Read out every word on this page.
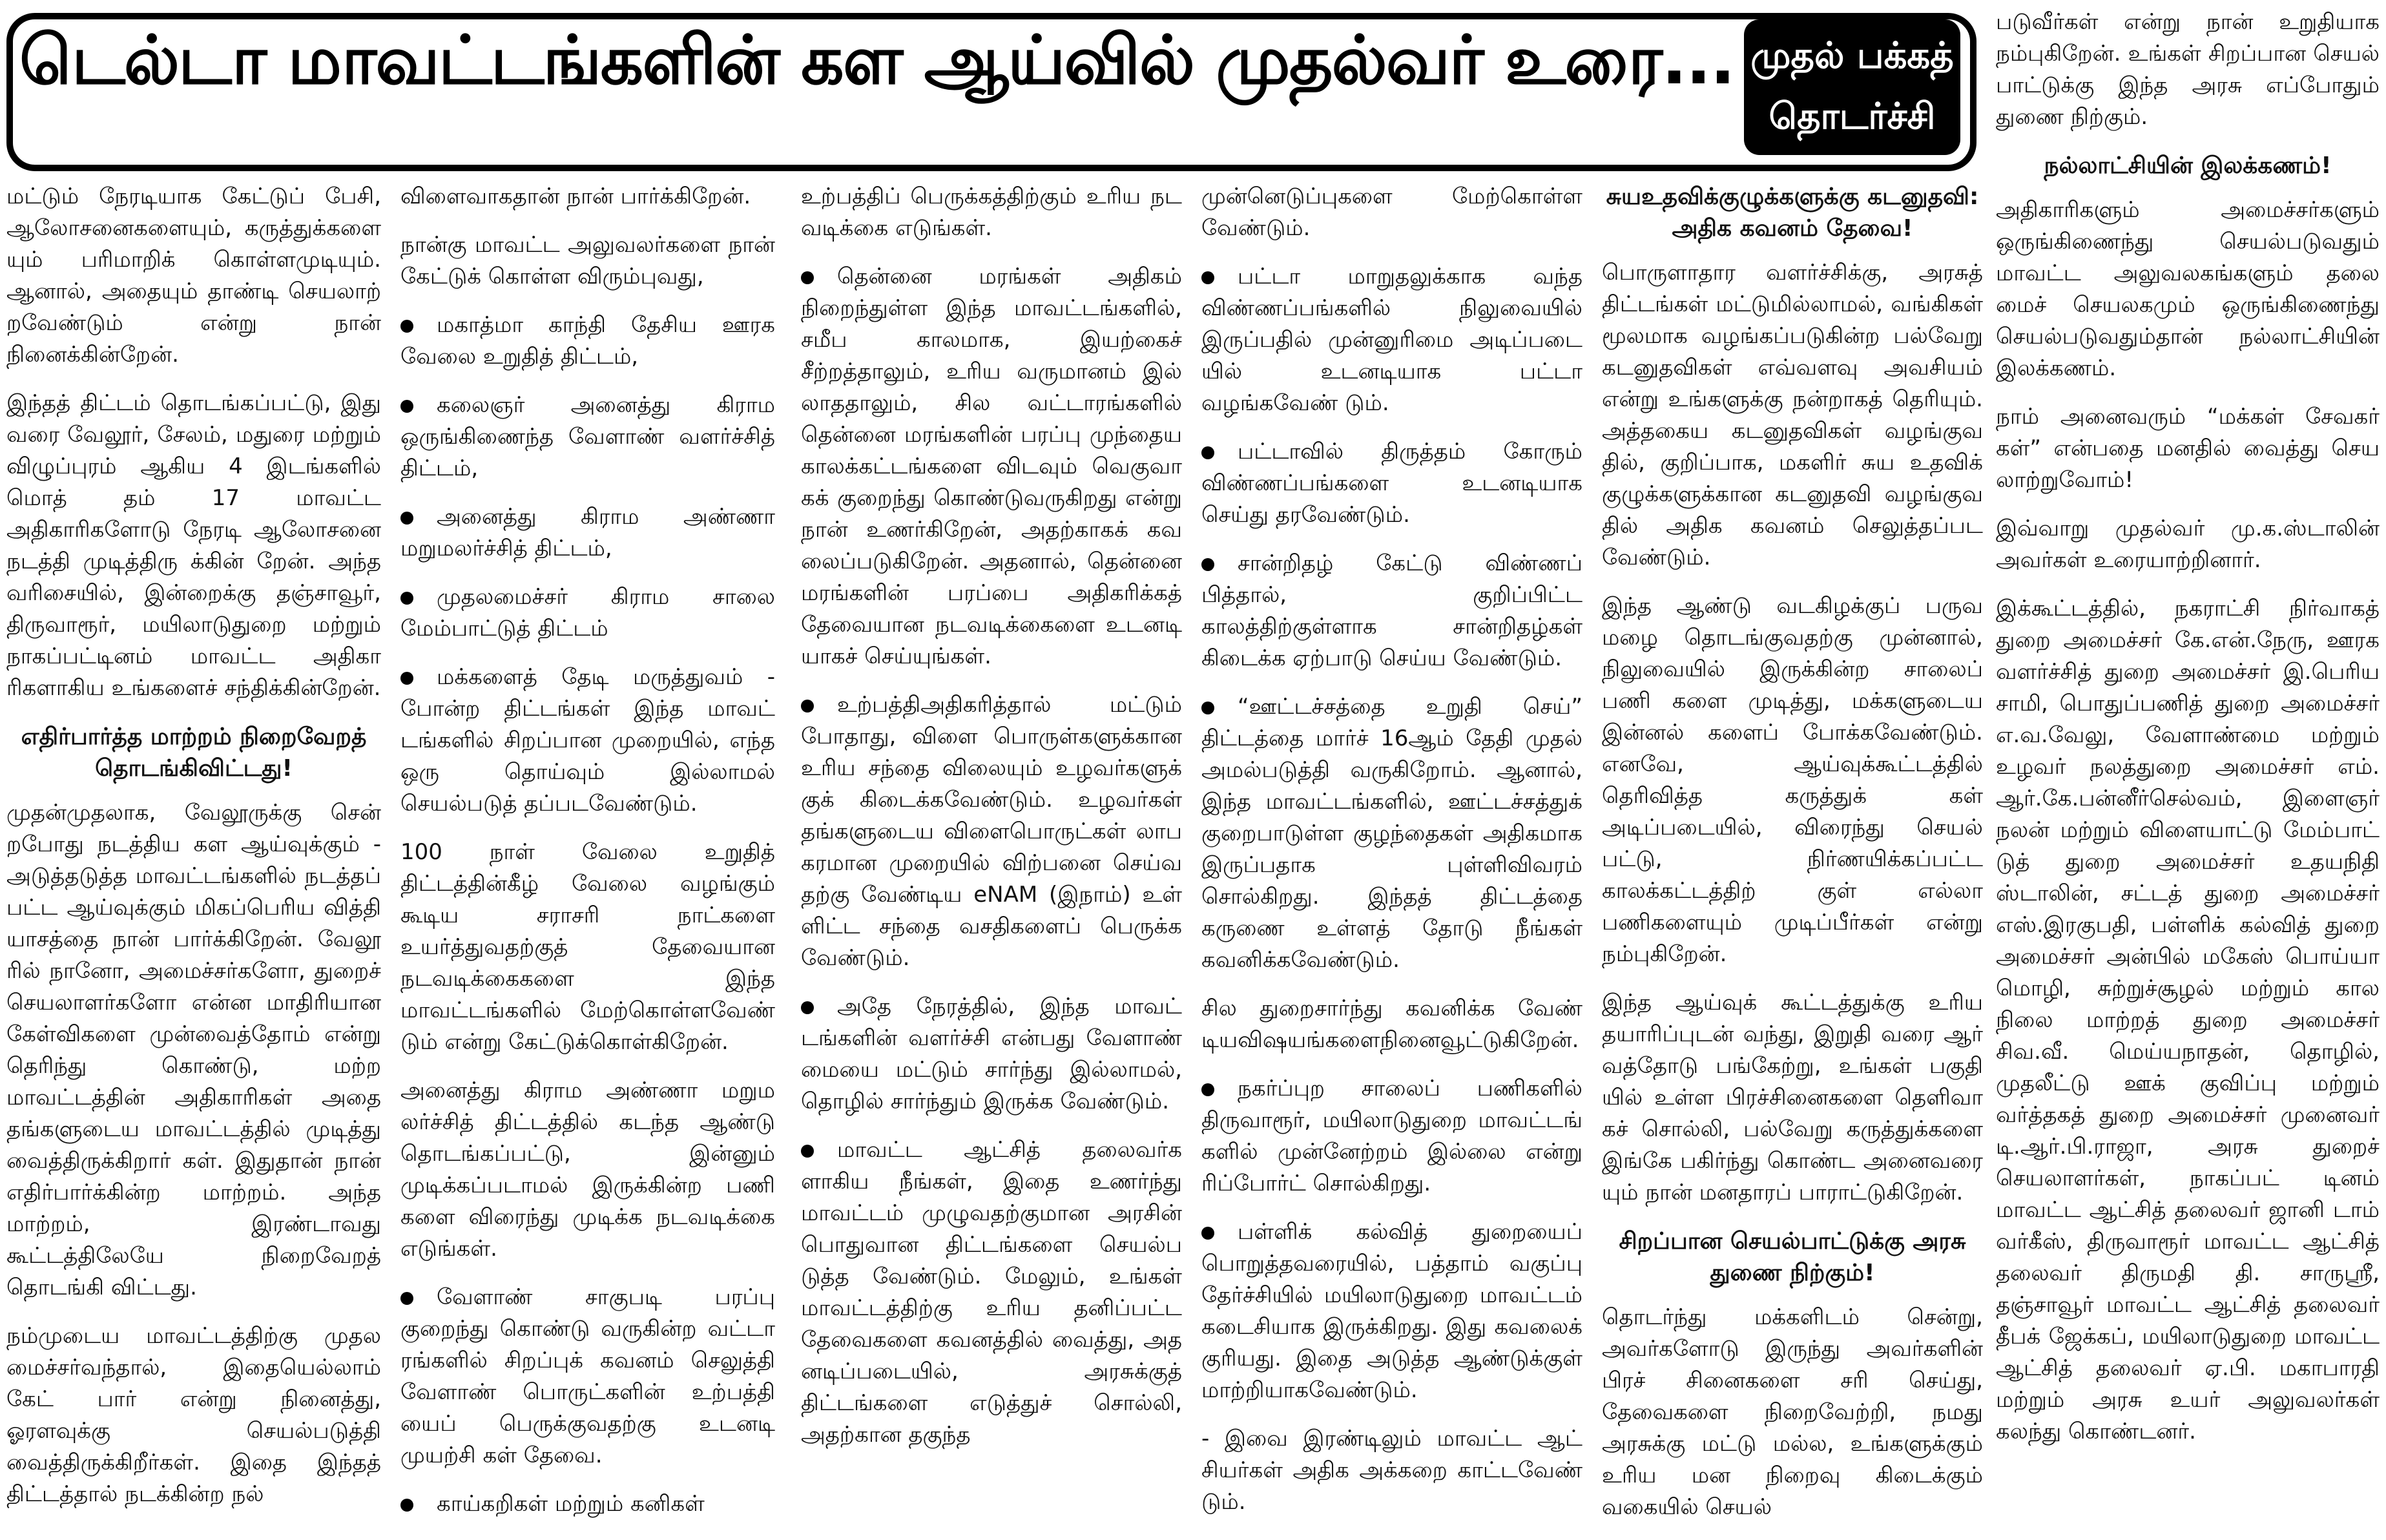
டெல்டா மாவட்டங்களின் கள ஆய்வில் முதல்வர் உரை... முதல் பக்கத்
தொடர்ச்சி

மட்டும் நேரடியாக கேட்டுப் பேசி, ஆலோசனைகளையும், கருத்துக்களை யும் பரிமாறிக் கொள்ளமுடியும். ஆனால், அதையும் தாண்டி செயலாற் றவேண்டும் என்று நான் நினைக்கின்றேன்.

இந்தத் திட்டம் தொடங்கப்பட்டு, இது வரை வேலூர், சேலம், மதுரை மற்றும் விழுப்புரம் ஆகிய 4 இடங்களில் மொத் தம் 17 மாவட்ட அதிகாரிகளோடு நேரடி ஆலோசனை நடத்தி முடித்திரு க்கின் றேன். அந்த வரிசையில், இன்றைக்கு தஞ்சாவூர், திருவாரூர், மயிலாடுதுறை மற்றும் நாகப்பட்டினம் மாவட்ட அதிகா ரிகளாகிய உங்களைச் சந்திக்கின்றேன்.

எதிர்பார்த்த மாற்றம் நிறைவேறத் தொடங்கிவிட்டது!

முதன்முதலாக, வேலூருக்கு சென் றபோது நடத்திய கள ஆய்வுக்கும் - அடுத்தடுத்த மாவட்டங்களில் நடத்தப் பட்ட ஆய்வுக்கும் மிகப்பெரிய வித்தி யாசத்தை நான் பார்க்கிறேன். வேலூ ரில் நானோ, அமைச்சர்களோ, துறைச் செயலாளர்களோ என்ன மாதிரியான கேள்விகளை முன்வைத்தோம் என்று தெரிந்து கொண்டு, மற்ற மாவட்டத்தின் அதிகாரிகள் அதை தங்களுடைய மாவட்டத்தில் முடித்து வைத்திருக்கிறார் கள். இதுதான் நான் எதிர்பார்க்கின்ற மாற்றம். அந்த மாற்றம், இரண்டாவது கூட்டத்திலேயே நிறைவேறத் தொடங்கி விட்டது.

நம்முடைய மாவட்டத்திற்கு முதல மைச்சர்வந்தால், இதையெல்லாம் கேட் பார் என்று நினைத்து, ஓரளவுக்கு செயல்படுத்தி வைத்திருக்கிறீர்கள். இதை இந்தத் திட்டத்தால் நடக்கின்ற நல்

விளைவாகதான் நான் பார்க்கிறேன்.

நான்கு மாவட்ட அலுவலர்களை நான் கேட்டுக் கொள்ள விரும்புவது,

மகாத்மா காந்தி தேசிய ஊரக வேலை உறுதித் திட்டம்,

கலைஞர் அனைத்து கிராம ஒருங்கிணைந்த வேளாண் வளர்ச்சித் திட்டம்,

அனைத்து கிராம அண்ணா மறுமலர்ச்சித் திட்டம்,

முதலமைச்சர் கிராம சாலை மேம்பாட்டுத் திட்டம்

மக்களைத் தேடி மருத்துவம் - போன்ற திட்டங்கள் இந்த மாவட் டங்களில் சிறப்பான முறையில், எந்த ஒரு தொய்வும் இல்லாமல் செயல்படுத் தப்படவேண்டும்.

100 நாள் வேலை உறுதித் திட்டத்தின்கீழ் வேலை வழங்கும் கூடிய சராசரி நாட்களை உயர்த்துவதற்குத் தேவையான நடவடிக்கைகளை இந்த மாவட்டங்களில் மேற்கொள்ளவேண் டும் என்று கேட்டுக்கொள்கிறேன்.

அனைத்து கிராம அண்ணா மறும லர்ச்சித் திட்டத்தில் கடந்த ஆண்டு தொடங்கப்பட்டு, இன்னும் முடிக்கப்படாமல் இருக்கின்ற பணி களை விரைந்து முடிக்க நடவடிக்கை எடுங்கள்.

வேளாண் சாகுபடி பரப்பு குறைந்து கொண்டு வருகின்ற வட்டா ரங்களில் சிறப்புக் கவனம் செலுத்தி வேளாண் பொருட்களின் உற்பத்தி யைப் பெருக்குவதற்கு உடனடி முயற்சி கள் தேவை.

காய்கறிகள் மற்றும் கனிகள்

உற்பத்திப் பெருக்கத்திற்கும் உரிய நட வடிக்கை எடுங்கள்.

தென்னை மரங்கள் அதிகம் நிறைந்துள்ள இந்த மாவட்டங்களில், சமீப காலமாக, இயற்கைச் சீற்றத்தாலும், உரிய வருமானம் இல் லாததாலும், சில வட்டாரங்களில் தென்னை மரங்களின் பரப்பு முந்தைய காலக்கட்டங்களை விடவும் வெகுவா கக் குறைந்து கொண்டுவருகிறது என்று நான் உணர்கிறேன், அதற்காகக் கவ லைப்படுகிறேன். அதனால், தென்னை மரங்களின் பரப்பை அதிகரிக்கத் தேவையான நடவடிக்கைளை உடனடி யாகச் செய்யுங்கள்.

உற்பத்திஅதிகரித்தால் மட்டும் போதாது, விளை பொருள்களுக்கான உரிய சந்தை விலையும் உழவர்களுக் குக் கிடைக்கவேண்டும். உழவர்கள் தங்களுடைய விளைபொருட்கள் லாப கரமான முறையில் விற்பனை செய்வ தற்கு வேண்டிய eNAM (இநாம்) உள் ளிட்ட சந்தை வசதிகளைப் பெருக்க வேண்டும்.

அதே நேரத்தில், இந்த மாவட் டங்களின் வளர்ச்சி என்பது வேளாண் மையை மட்டும் சார்ந்து இல்லாமல், தொழில் சார்ந்தும் இருக்க வேண்டும்.

மாவட்ட ஆட்சித் தலைவர்க ளாகிய நீங்கள், இதை உணர்ந்து மாவட்டம் முழுவதற்குமான அரசின் பொதுவான திட்டங்களை செயல்ப டுத்த வேண்டும். மேலும், உங்கள் மாவட்டத்திற்கு உரிய தனிப்பட்ட தேவைகளை கவனத்தில் வைத்து, அத னடிப்படையில், அரசுக்குத் திட்டங்களை எடுத்துச் சொல்லி, அதற்கான தகுந்த

முன்னெடுப்புகளை மேற்கொள்ள வேண்டும்.

பட்டா மாறுதலுக்காக வந்த விண்ணப்பங்களில் நிலுவையில் இருப்பதில் முன்னுரிமை அடிப்படை யில் உடனடியாக பட்டா வழங்கவேண் டும்.

பட்டாவில் திருத்தம் கோரும் விண்ணப்பங்களை உடனடியாக செய்து தரவேண்டும்.

சான்றிதழ் கேட்டு விண்ணப் பித்தால், குறிப்பிட்ட காலத்திற்குள்ளாக சான்றிதழ்கள் கிடைக்க ஏற்பாடு செய்ய வேண்டும்.

“ஊட்டச்சத்தை உறுதி செய்” திட்டத்தை மார்ச் 16ஆம் தேதி முதல் அமல்படுத்தி வருகிறோம். ஆனால், இந்த மாவட்டங்களில், ஊட்டச்சத்துக் குறைபாடுள்ள குழந்தைகள் அதிகமாக இருப்பதாக புள்ளிவிவரம் சொல்கிறது. இந்தத் திட்டத்தை கருணை உள்ளத் தோடு நீங்கள் கவனிக்கவேண்டும்.

சில துறைசார்ந்து கவனிக்க வேண் டியவிஷயங்களைநினைவூட்டுகிறேன்.

நகர்ப்புற சாலைப் பணிகளில் திருவாரூர், மயிலாடுதுறை மாவட்டங் களில் முன்னேற்றம் இல்லை என்று ரிப்போர்ட் சொல்கிறது.

பள்ளிக் கல்வித் துறையைப் பொறுத்தவரையில், பத்தாம் வகுப்பு தேர்ச்சியில் மயிலாடுதுறை மாவட்டம் கடைசியாக இருக்கிறது. இது கவலைக் குரியது. இதை அடுத்த ஆண்டுக்குள் மாற்றியாகவேண்டும்.

- இவை இரண்டிலும் மாவட்ட ஆட் சியர்கள் அதிக அக்கறை காட்டவேண் டும்.

சுயஉதவிக்குழுக்களுக்கு கடனுதவி: அதிக கவனம் தேவை!

பொருளாதார வளர்ச்சிக்கு, அரசுத் திட்டங்கள் மட்டுமில்லாமல், வங்கிகள் மூலமாக வழங்கப்படுகின்ற பல்வேறு கடனுதவிகள் எவ்வளவு அவசியம் என்று உங்களுக்கு நன்றாகத் தெரியும். அத்தகைய கடனுதவிகள் வழங்குவ தில், குறிப்பாக, மகளிர் சுய உதவிக் குழுக்களுக்கான கடனுதவி வழங்குவ தில் அதிக கவனம் செலுத்தப்பட வேண்டும்.

இந்த ஆண்டு வடகிழக்குப் பருவ மழை தொடங்குவதற்கு முன்னால், நிலுவையில் இருக்கின்ற சாலைப் பணி களை முடித்து, மக்களுடைய இன்னல் களைப் போக்கவேண்டும். எனவே, ஆய்வுக்கூட்டத்தில் தெரிவித்த கருத்துக் கள் அடிப்படையில், விரைந்து செயல் பட்டு, நிர்ணயிக்கப்பட்ட காலக்கட்டத்திற் குள் எல்லா பணிகளையும் முடிப்பீர்கள் என்று நம்புகிறேன்.

இந்த ஆய்வுக் கூட்டத்துக்கு உரிய தயாரிப்புடன் வந்து, இறுதி வரை ஆர் வத்தோடு பங்கேற்று, உங்கள் பகுதி யில் உள்ள பிரச்சினைகளை தெளிவா கச் சொல்லி, பல்வேறு கருத்துக்களை இங்கே பகிர்ந்து கொண்ட அனைவரை யும் நான் மனதாரப் பாராட்டுகிறேன்.

சிறப்பான செயல்பாட்டுக்கு அரசு துணை நிற்கும்!

தொடர்ந்து மக்களிடம் சென்று, அவர்களோடு இருந்து அவர்களின் பிரச் சினைகளை சரி செய்து, தேவைகளை நிறைவேற்றி, நமது அரசுக்கு மட்டு மல்ல, உங்களுக்கும் உரிய மன நிறைவு கிடைக்கும் வகையில் செயல்

படுவீர்கள் என்று நான் உறுதியாக நம்புகிறேன். உங்கள் சிறப்பான செயல் பாட்டுக்கு இந்த அரசு எப்போதும் துணை நிற்கும்.

நல்லாட்சியின் இலக்கணம்!

அதிகாரிகளும் அமைச்சர்களும் ஒருங்கிணைந்து செயல்படுவதும் மாவட்ட அலுவலகங்களும் தலை மைச் செயலகமும் ஒருங்கிணைந்து செயல்படுவதும்தான் நல்லாட்சியின் இலக்கணம்.

நாம் அனைவரும் “மக்கள் சேவகர் கள்” என்பதை மனதில் வைத்து செய லாற்றுவோம்!

இவ்வாறு முதல்வர் மு.க.ஸ்டாலின் அவர்கள் உரையாற்றினார்.

இக்கூட்டத்தில், நகராட்சி நிர்வாகத் துறை அமைச்சர் கே.என்.நேரு, ஊரக வளர்ச்சித் துறை அமைச்சர் இ.பெரிய சாமி, பொதுப்பணித் துறை அமைச்சர் எ.வ.வேலு, வேளாண்மை மற்றும் உழவர் நலத்துறை அமைச்சர் எம். ஆர்.கே.பன்னீர்செல்வம், இளைஞர் நலன் மற்றும் விளையாட்டு மேம்பாட் டுத் துறை அமைச்சர் உதயநிதி ஸ்டாலின், சட்டத் துறை அமைச்சர் எஸ்.இரகுபதி, பள்ளிக் கல்வித் துறை அமைச்சர் அன்பில் மகேஸ் பொய்யா மொழி, சுற்றுச்சூழல் மற்றும் கால நிலை மாற்றத் துறை அமைச்சர் சிவ.வீ. மெய்யநாதன், தொழில், முதலீட்டு ஊக் குவிப்பு மற்றும் வர்த்தகத் துறை அமைச்சர் முனைவர் டி.ஆர்.பி.ராஜா, அரசு துறைச் செயலாளர்கள், நாகப்பட் டினம் மாவட்ட ஆட்சித் தலைவர் ஜானி டாம் வர்கீஸ், திருவாரூர் மாவட்ட ஆட்சித் தலைவர் திருமதி தி. சாருஸ்ரீ, தஞ்சாவூர் மாவட்ட ஆட்சித் தலைவர் தீபக் ஜேக்கப், மயிலாடுதுறை மாவட்ட ஆட்சித் தலைவர் ஏ.பி. மகாபாரதி மற்றும் அரசு உயர் அலுவலர்கள் கலந்து கொண்டனர்.
